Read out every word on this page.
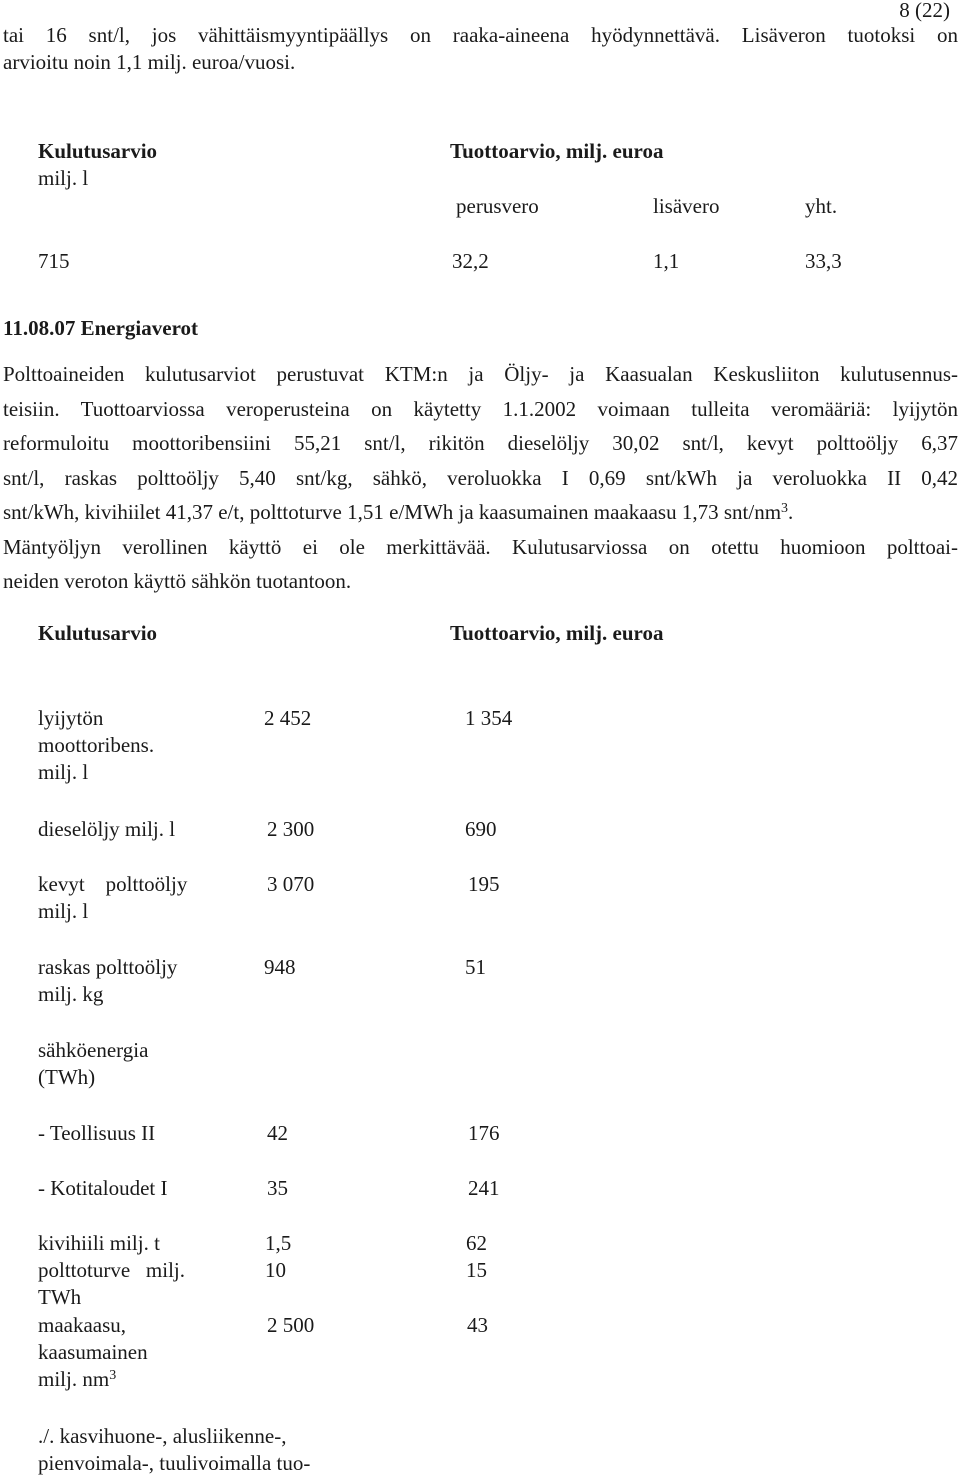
8 (22)
tai 16 snt/l, jos vähittäismyyntipäällys on raaka-aineena hyödynnettävä. Lisäveron tuotoksi on
arvioitu noin 1,1 milj. euroa/vuosi.
Kulutusarvio
milj. l
Tuottoarvio, milj. euroa
perusvero	lisävero	yht.
715	32,2	1,1	33,3
11.08.07 Energiaverot
Polttoaineiden kulutusarviot perustuvat KTM:n ja Öljy- ja Kaasualan Keskusliiton kulutusennus-
teisiin. Tuottoarviossa veroperusteina on käytetty 1.1.2002 voimaan tulleita veromääriä: lyijytön
reformuloitu moottoribensiini 55,21 snt/l, rikitön dieselöljy 30,02 snt/l, kevyt polttoöljy 6,37
snt/l, raskas polttoöljy 5,40 snt/kg, sähkö, veroluokka I 0,69 snt/kWh ja veroluokka II 0,42
snt/kWh, kivihiilet 41,37 e/t, polttoturve 1,51 e/MWh ja kaasumainen maakaasu 1,73 snt/$nm^3$.
Mäntyöljyn verollinen käyttö ei ole merkittävää. Kulutusarviossa on otettu huomioon polttoai-
neiden veroton käyttö sähkön tuotantoon.
Kulutusarvio	Tuottoarvio, milj. euroa
lyijytön
moottoribens.
milj. l
2 452	1 354
dieselöljy milj. l	2 300	690
kevyt    polttoöljy
milj. l
3 070	195
raskas polttoöljy
milj. kg
948	51
sähköenergia
(TWh)
- Teollisuus II	42	176
- Kotitaloudet I	35	241
kivihiili milj. t	1,5	62
polttoturve   milj.
TWh
10	15
maakaasu,
kaasumainen
milj. $nm^3$
2 500	43
./. kasvihuone-, alusliikenne-,
pienvoimala-, tuulivoimalla tuo-
